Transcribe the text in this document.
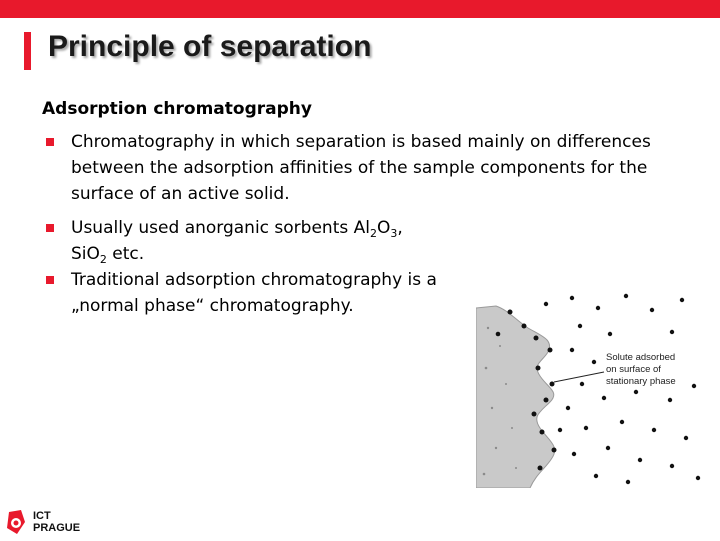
Principle of separation
Adsorption chromatography
Chromatography in which separation is based mainly on differences between the adsorption affinities of the sample components for the surface of an active solid.
Usually used anorganic sorbents $Al_2O_3$,
SiO$_2$ etc.
Traditional adsorption chromatography is a „normal phase“ chromatography.
Solute adsorbed
on surface of
stationary phase
ICT
PRAGUE
